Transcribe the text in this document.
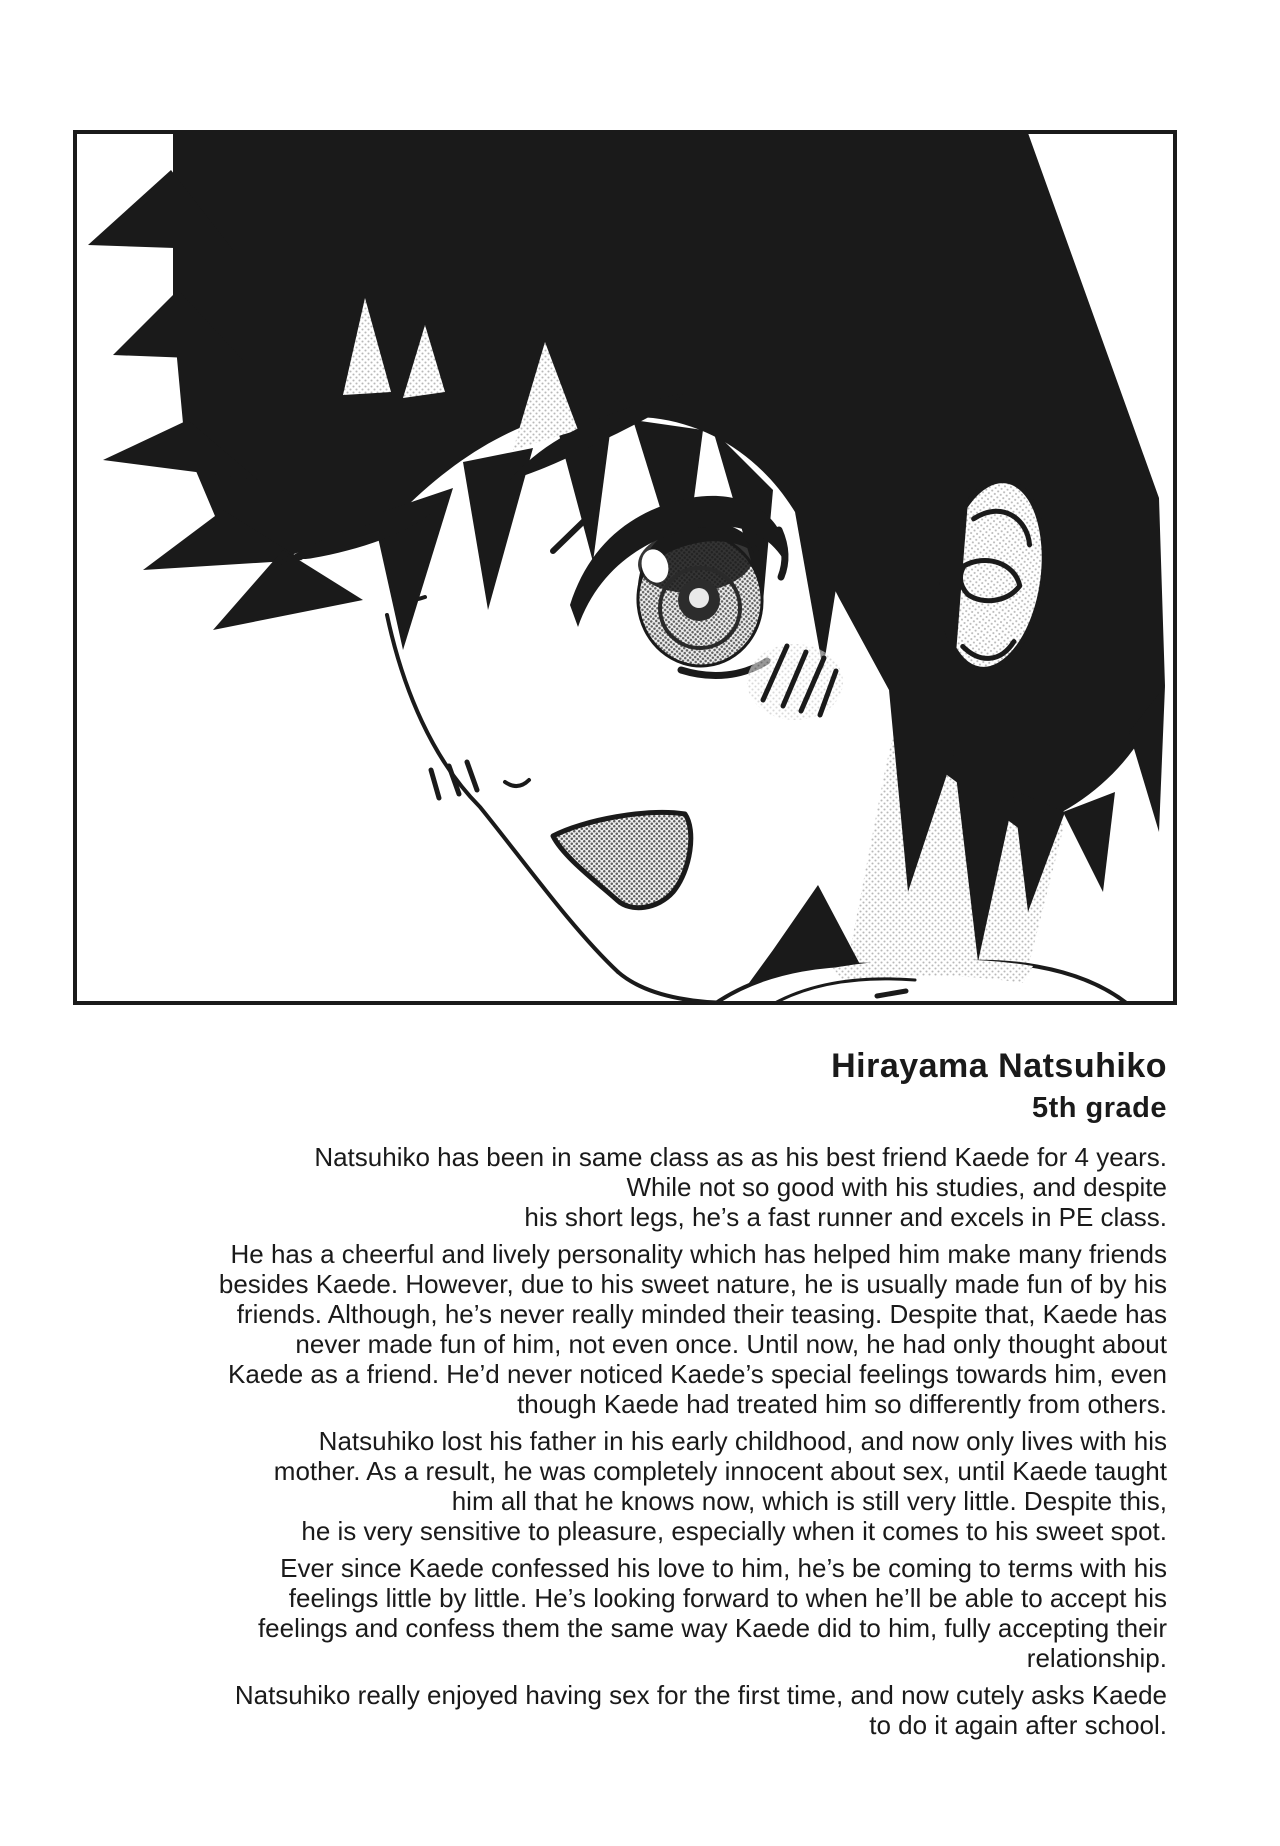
Hirayama Natsuhiko
5th grade
Natsuhiko has been in same class as as his best friend Kaede for 4 years.
While not so good with his studies, and despite
his short legs, he’s a fast runner and excels in PE class.
He has a cheerful and lively personality which has helped him make many friends
besides Kaede. However, due to his sweet nature, he is usually made fun of by his
friends. Although, he’s never really minded their teasing. Despite that, Kaede has
never made fun of him, not even once. Until now, he had only thought about
Kaede as a friend. He’d never noticed Kaede’s special feelings towards him, even
though Kaede had treated him so differently from others.
Natsuhiko lost his father in his early childhood, and now only lives with his
mother. As a result, he was completely innocent about sex, until Kaede taught
him all that he knows now, which is still very little. Despite this,
he is very sensitive to pleasure, especially when it comes to his sweet spot.
Ever since Kaede confessed his love to him, he’s be coming to terms with his
feelings little by little. He’s looking forward to when he’ll be able to accept his
feelings and confess them the same way Kaede did to him, fully accepting their
relationship.
Natsuhiko really enjoyed having sex for the first time, and now cutely asks Kaede
to do it again after school.
